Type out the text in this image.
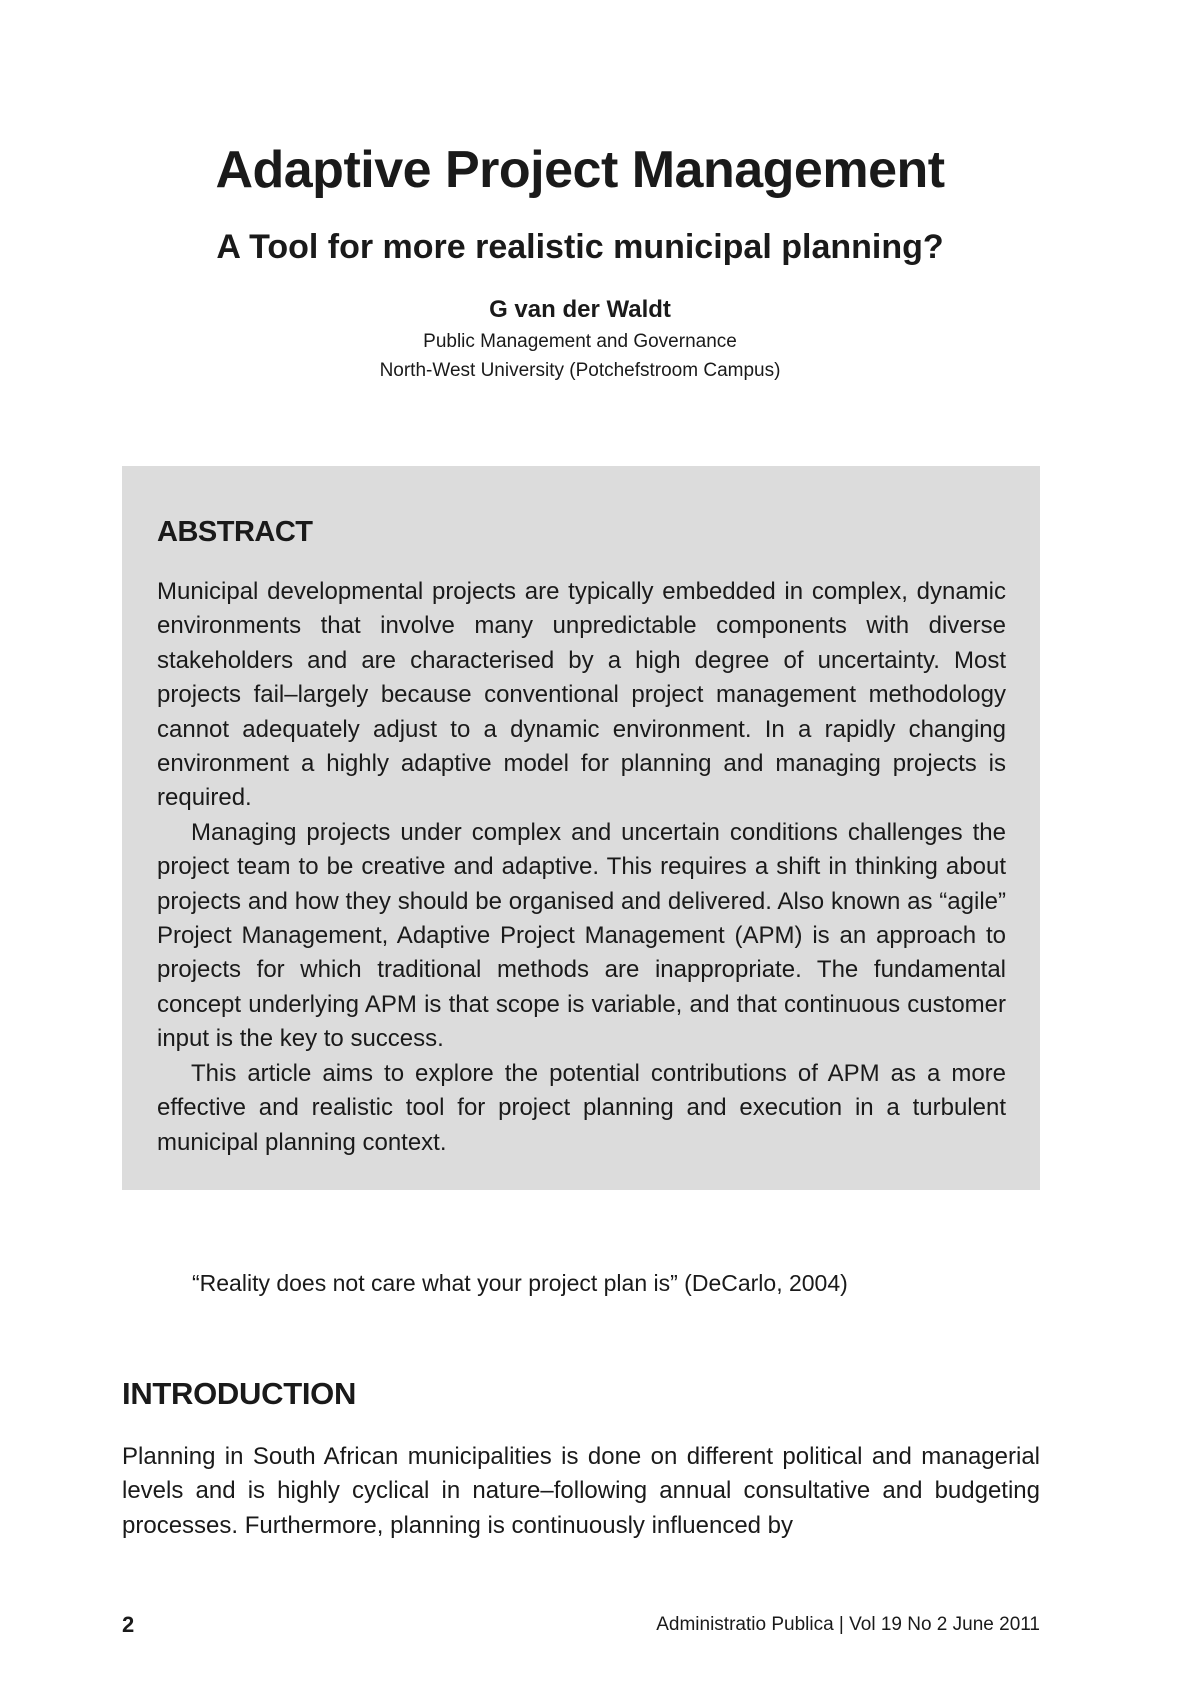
Adaptive Project Management
A Tool for more realistic municipal planning?
G van der Waldt
Public Management and Governance
North-West University (Potchefstroom Campus)
ABSTRACT

Municipal developmental projects are typically embedded in complex, dynamic environments that involve many unpredictable components with diverse stakeholders and are characterised by a high degree of uncertainty. Most projects fail–largely because conventional project management methodology cannot adequately adjust to a dynamic environment. In a rapidly changing environment a highly adaptive model for planning and managing projects is required.

Managing projects under complex and uncertain conditions challenges the project team to be creative and adaptive. This requires a shift in thinking about projects and how they should be organised and delivered. Also known as “agile” Project Management, Adaptive Project Management (APM) is an approach to projects for which traditional methods are inappropriate. The fundamental concept underlying APM is that scope is variable, and that continuous customer input is the key to success.

This article aims to explore the potential contributions of APM as a more effective and realistic tool for project planning and execution in a turbulent municipal planning context.

“Reality does not care what your project plan is” (DeCarlo, 2004)
INTRODUCTION

Planning in South African municipalities is done on different political and managerial levels and is highly cyclical in nature–following annual consultative and budgeting processes. Furthermore, planning is continuously influenced by

2	Administratio Publica | Vol 19 No 2 June 2011
